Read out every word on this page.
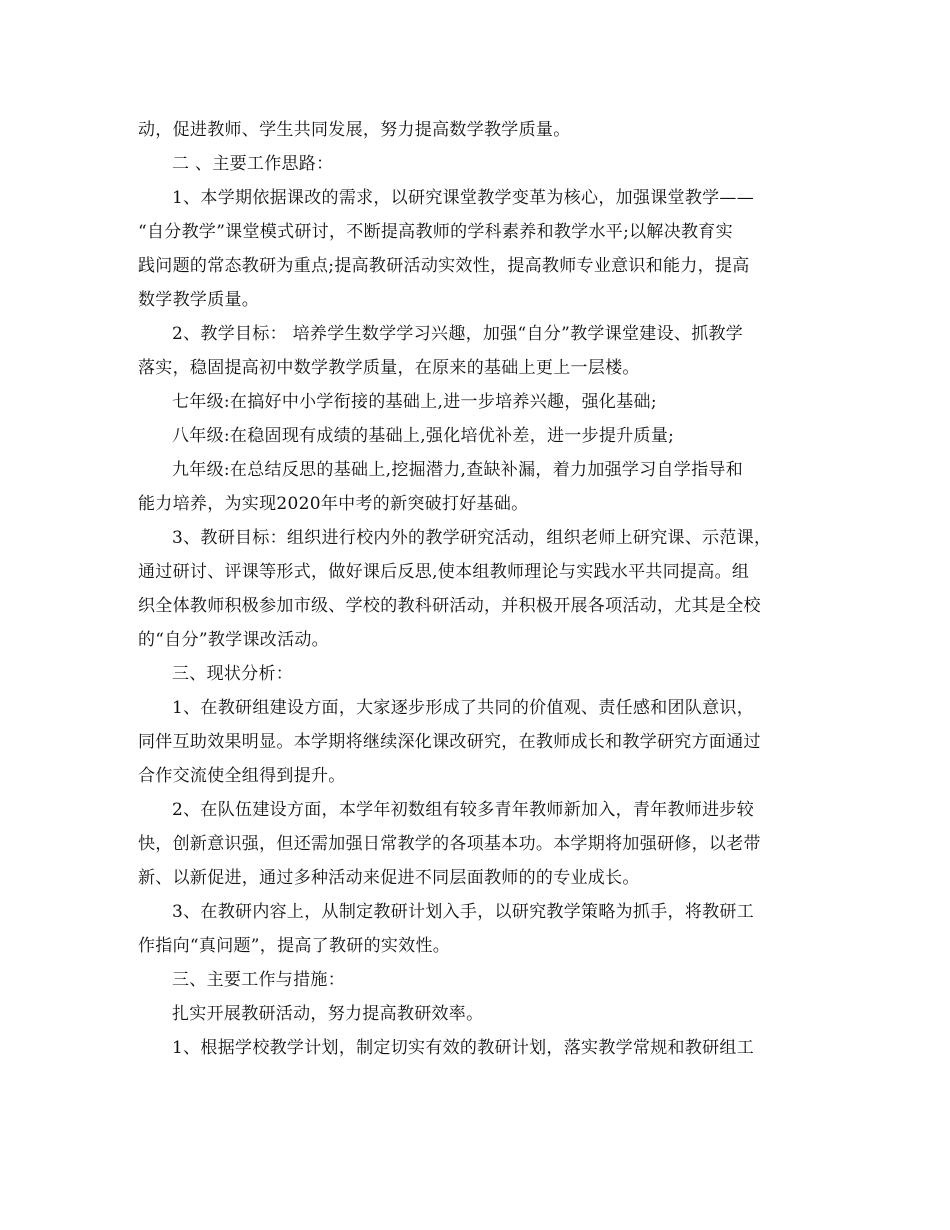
动，促进教师、学生共同发展，努力提高数学教学质量。
二 、主要工作思路：
1、本学期依据课改的需求，以研究课堂教学变革为核心，加强课堂教学——
“自分教学”课堂模式研讨，不断提高教师的学科素养和教学水平;以解决教育实
践问题的常态教研为重点;提高教研活动实效性，提高教师专业意识和能力，提高
数学教学质量。
2、教学目标： 培养学生数学学习兴趣，加强“自分”教学课堂建设、抓教学
落实，稳固提高初中数学教学质量，在原来的基础上更上一层楼。
七年级:在搞好中小学衔接的基础上,进一步培养兴趣，强化基础;
八年级:在稳固现有成绩的基础上,强化培优补差，进一步提升质量;
九年级:在总结反思的基础上,挖掘潜力,查缺补漏，着力加强学习自学指导和
能力培养，为实现2020年中考的新突破打好基础。
3、教研目标：组织进行校内外的教学研究活动，组织老师上研究课、示范课，
通过研讨、评课等形式，做好课后反思,使本组教师理论与实践水平共同提高。组
织全体教师积极参加市级、学校的教科研活动，并积极开展各项活动，尤其是全校
的“自分”教学课改活动。
三、现状分析：
1、在教研组建设方面，大家逐步形成了共同的价值观、责任感和团队意识，
同伴互助效果明显。本学期将继续深化课改研究，在教师成长和教学研究方面通过
合作交流使全组得到提升。
2、在队伍建设方面，本学年初数组有较多青年教师新加入，青年教师进步较
快，创新意识强，但还需加强日常教学的各项基本功。本学期将加强研修，以老带
新、以新促进，通过多种活动来促进不同层面教师的的专业成长。
3、在教研内容上，从制定教研计划入手，以研究教学策略为抓手，将教研工
作指向“真问题”，提高了教研的实效性。
三、主要工作与措施：
扎实开展教研活动，努力提高教研效率。
1、根据学校教学计划，制定切实有效的教研计划，落实教学常规和教研组工
